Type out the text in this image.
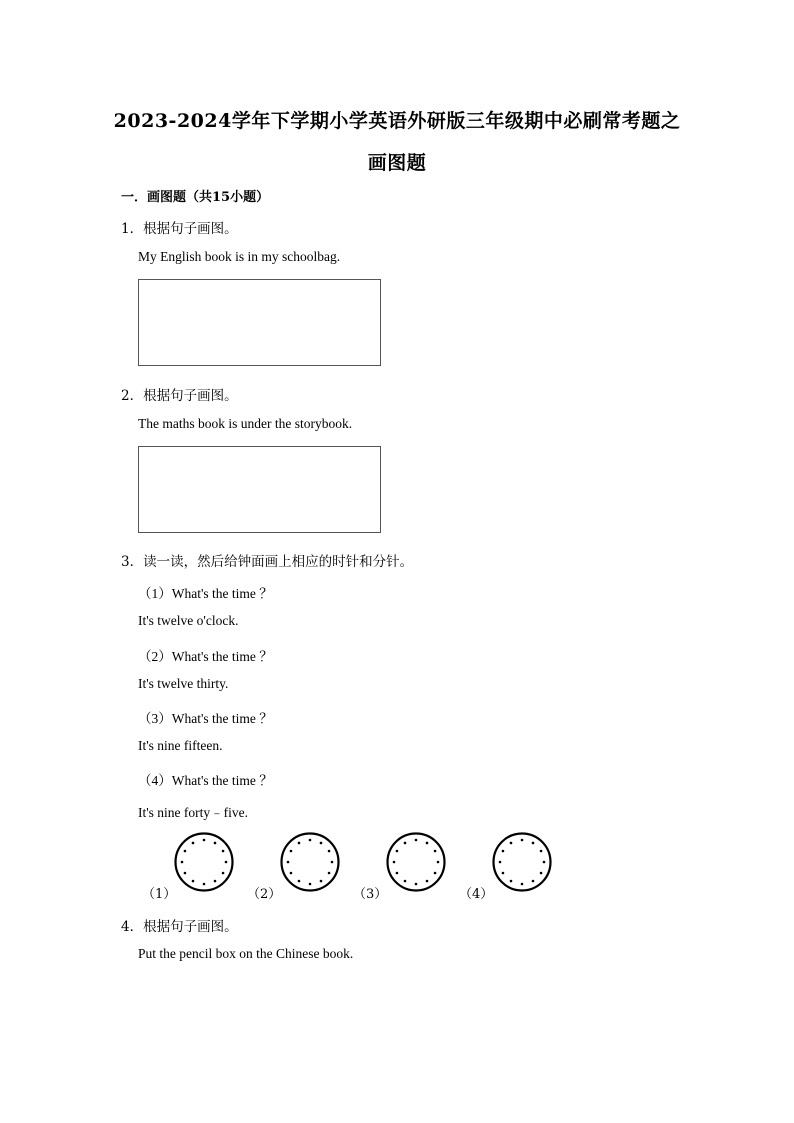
2023-2024学年下学期小学英语外研版三年级期中必刷常考题之
画图题
一．画图题（共15小题）
1．根据句子画图。
My English book is in my schoolbag.
2．根据句子画图。
The maths book is under the storybook.
3．读一读，然后给钟面画上相应的时针和分针。
（1）What's the time ？
It's twelve o'clock.
（2）What's the time ？
It's twelve thirty.
（3）What's the time ？
It's nine fifteen.
（4）What's the time ？
It's nine forty﹣five.
（1）	（2）	（3）	（4）
4．根据句子画图。
Put the pencil box on the Chinese book.
